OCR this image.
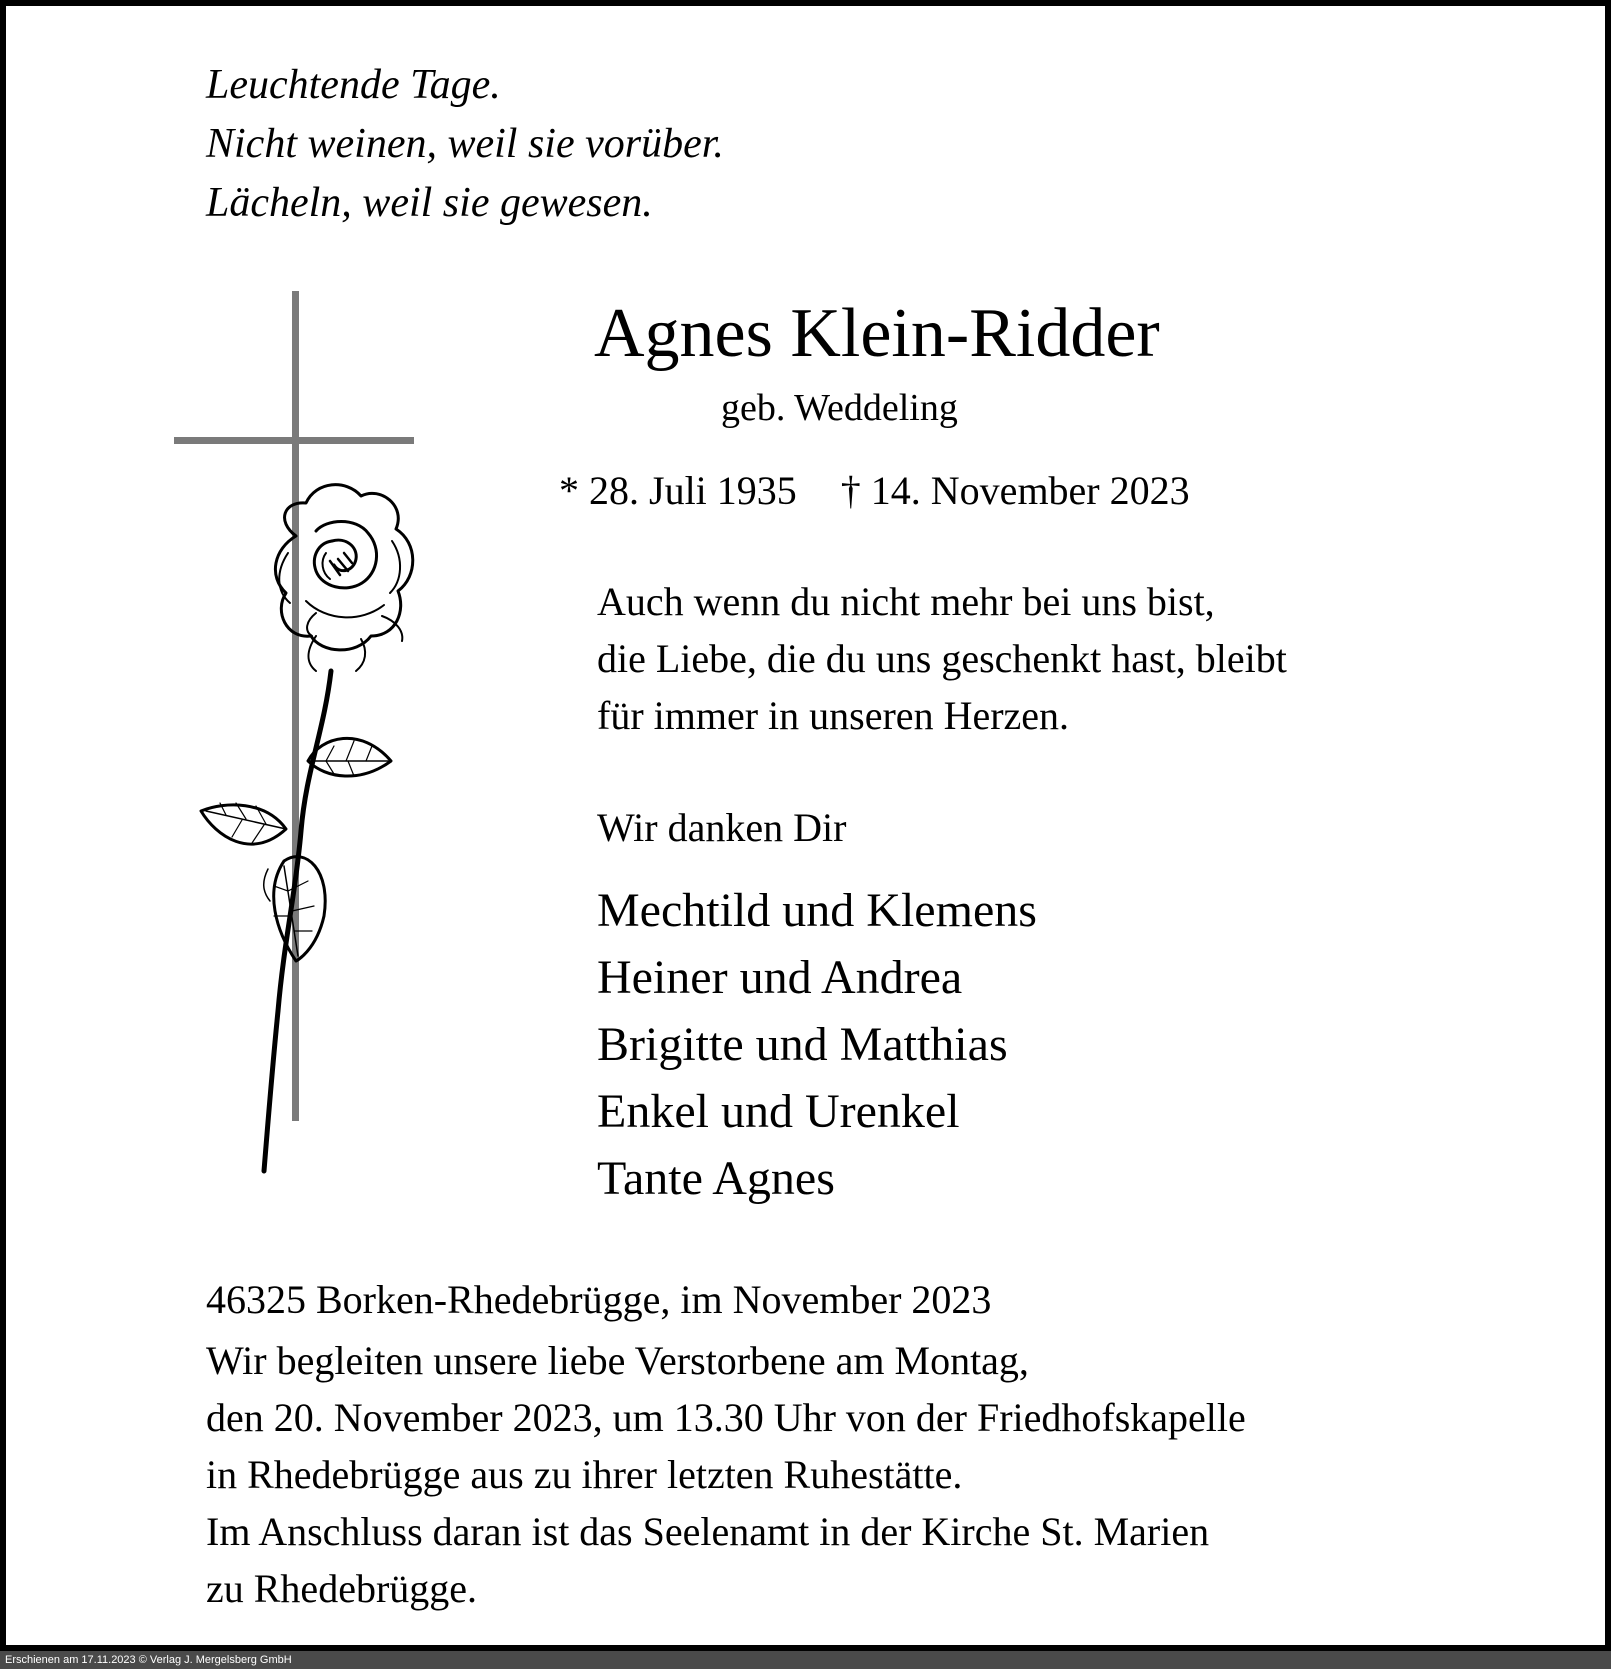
Leuchtende Tage.
Nicht weinen, weil sie vorüber.
Lächeln, weil sie gewesen.
Agnes Klein-Ridder
geb. Weddeling
* 28. Juli 1935 † 14. November 2023
Auch wenn du nicht mehr bei uns bist,
die Liebe, die du uns geschenkt hast, bleibt
für immer in unseren Herzen.
Wir danken Dir
Mechtild und Klemens
Heiner und Andrea
Brigitte und Matthias
Enkel und Urenkel
Tante Agnes
46325 Borken-Rhedebrügge, im November 2023
Wir begleiten unsere liebe Verstorbene am Montag,
den 20. November 2023, um 13.30 Uhr von der Friedhofskapelle
in Rhedebrügge aus zu ihrer letzten Ruhestätte.
Im Anschluss daran ist das Seelenamt in der Kirche St. Marien
zu Rhedebrügge.
Erschienen am 17.11.2023 © Verlag J. Mergelsberg GmbH
